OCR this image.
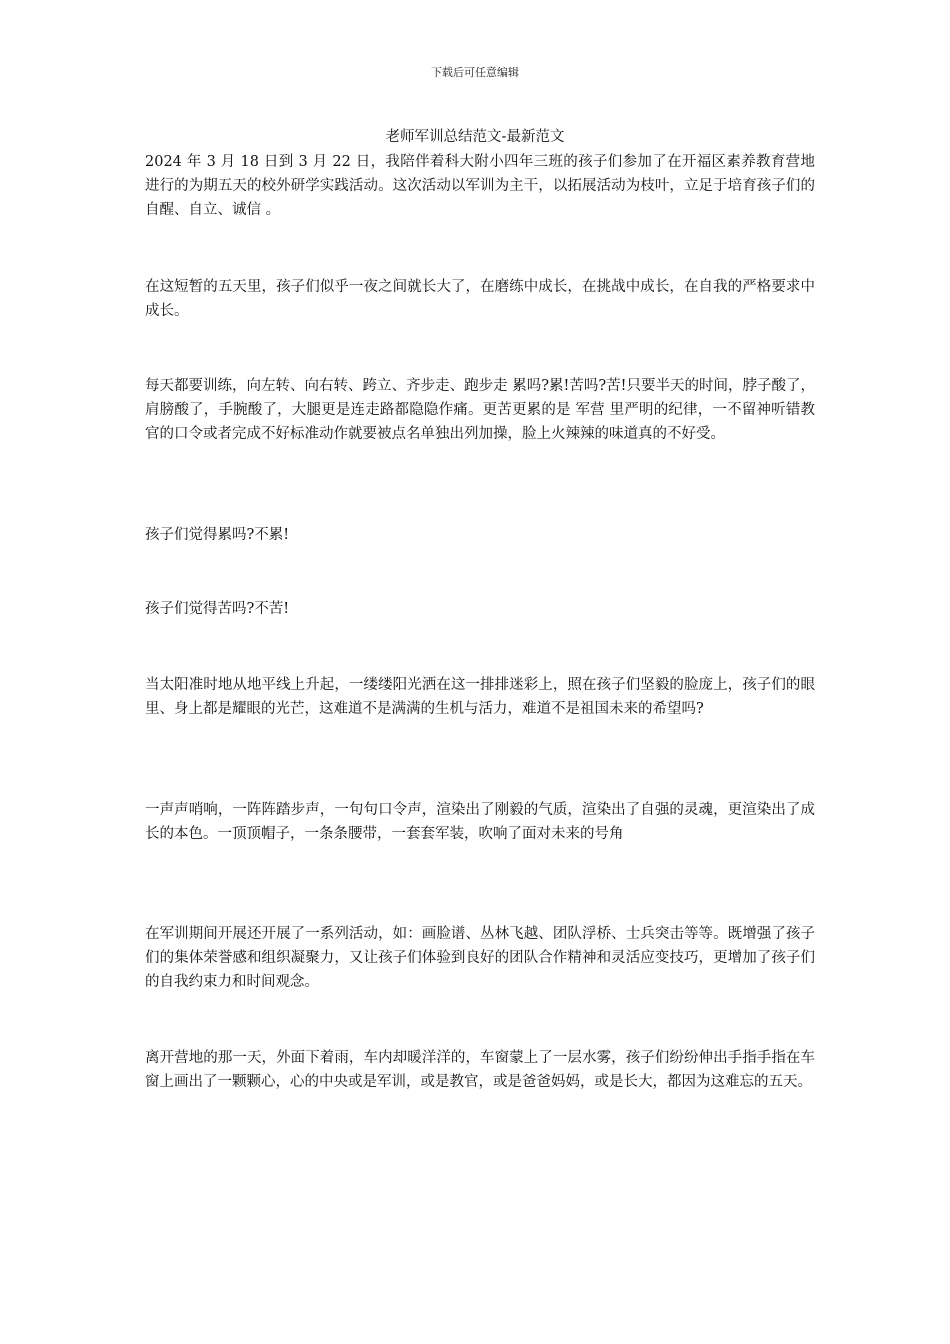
下载后可任意编辑
老师军训总结范文-最新范文

2024 年 3 月 18 日到 3 月 22 日，我陪伴着科大附小四年三班的孩子们参加了在开福区素养教育营地进行的为期五天的校外研学实践活动。这次活动以军训为主干，以拓展活动为枝叶，立足于培育孩子们的 自醒、自立、诚信 。

在这短暂的五天里，孩子们似乎一夜之间就长大了，在磨练中成长，在挑战中成长，在自我的严格要求中成长。

每天都要训练，向左转、向右转、跨立、齐步走、跑步走 累吗?累!苦吗?苦!只要半天的时间，脖子酸了，肩膀酸了，手腕酸了，大腿更是连走路都隐隐作痛。更苦更累的是 军营 里严明的纪律，一不留神听错教官的口令或者完成不好标准动作就要被点名单独出列加操，脸上火辣辣的味道真的不好受。

孩子们觉得累吗?不累!

孩子们觉得苦吗?不苦!

当太阳准时地从地平线上升起，一缕缕阳光洒在这一排排迷彩上，照在孩子们坚毅的脸庞上，孩子们的眼里、身上都是耀眼的光芒，这难道不是满满的生机与活力，难道不是祖国未来的希望吗?

一声声哨响，一阵阵踏步声，一句句口令声，渲染出了刚毅的气质，渲染出了自强的灵魂，更渲染出了成长的本色。一顶顶帽子，一条条腰带，一套套军装，吹响了面对未来的号角

在军训期间开展还开展了一系列活动，如：画脸谱、丛林飞越、团队浮桥、士兵突击等等。既增强了孩子们的集体荣誉感和组织凝聚力，又让孩子们体验到良好的团队合作精神和灵活应变技巧，更增加了孩子们的自我约束力和时间观念。

离开营地的那一天，外面下着雨，车内却暖洋洋的，车窗蒙上了一层水雾，孩子们纷纷伸出手指手指在车窗上画出了一颗颗心，心的中央或是军训，或是教官，或是爸爸妈妈，或是长大，都因为这难忘的五天。
